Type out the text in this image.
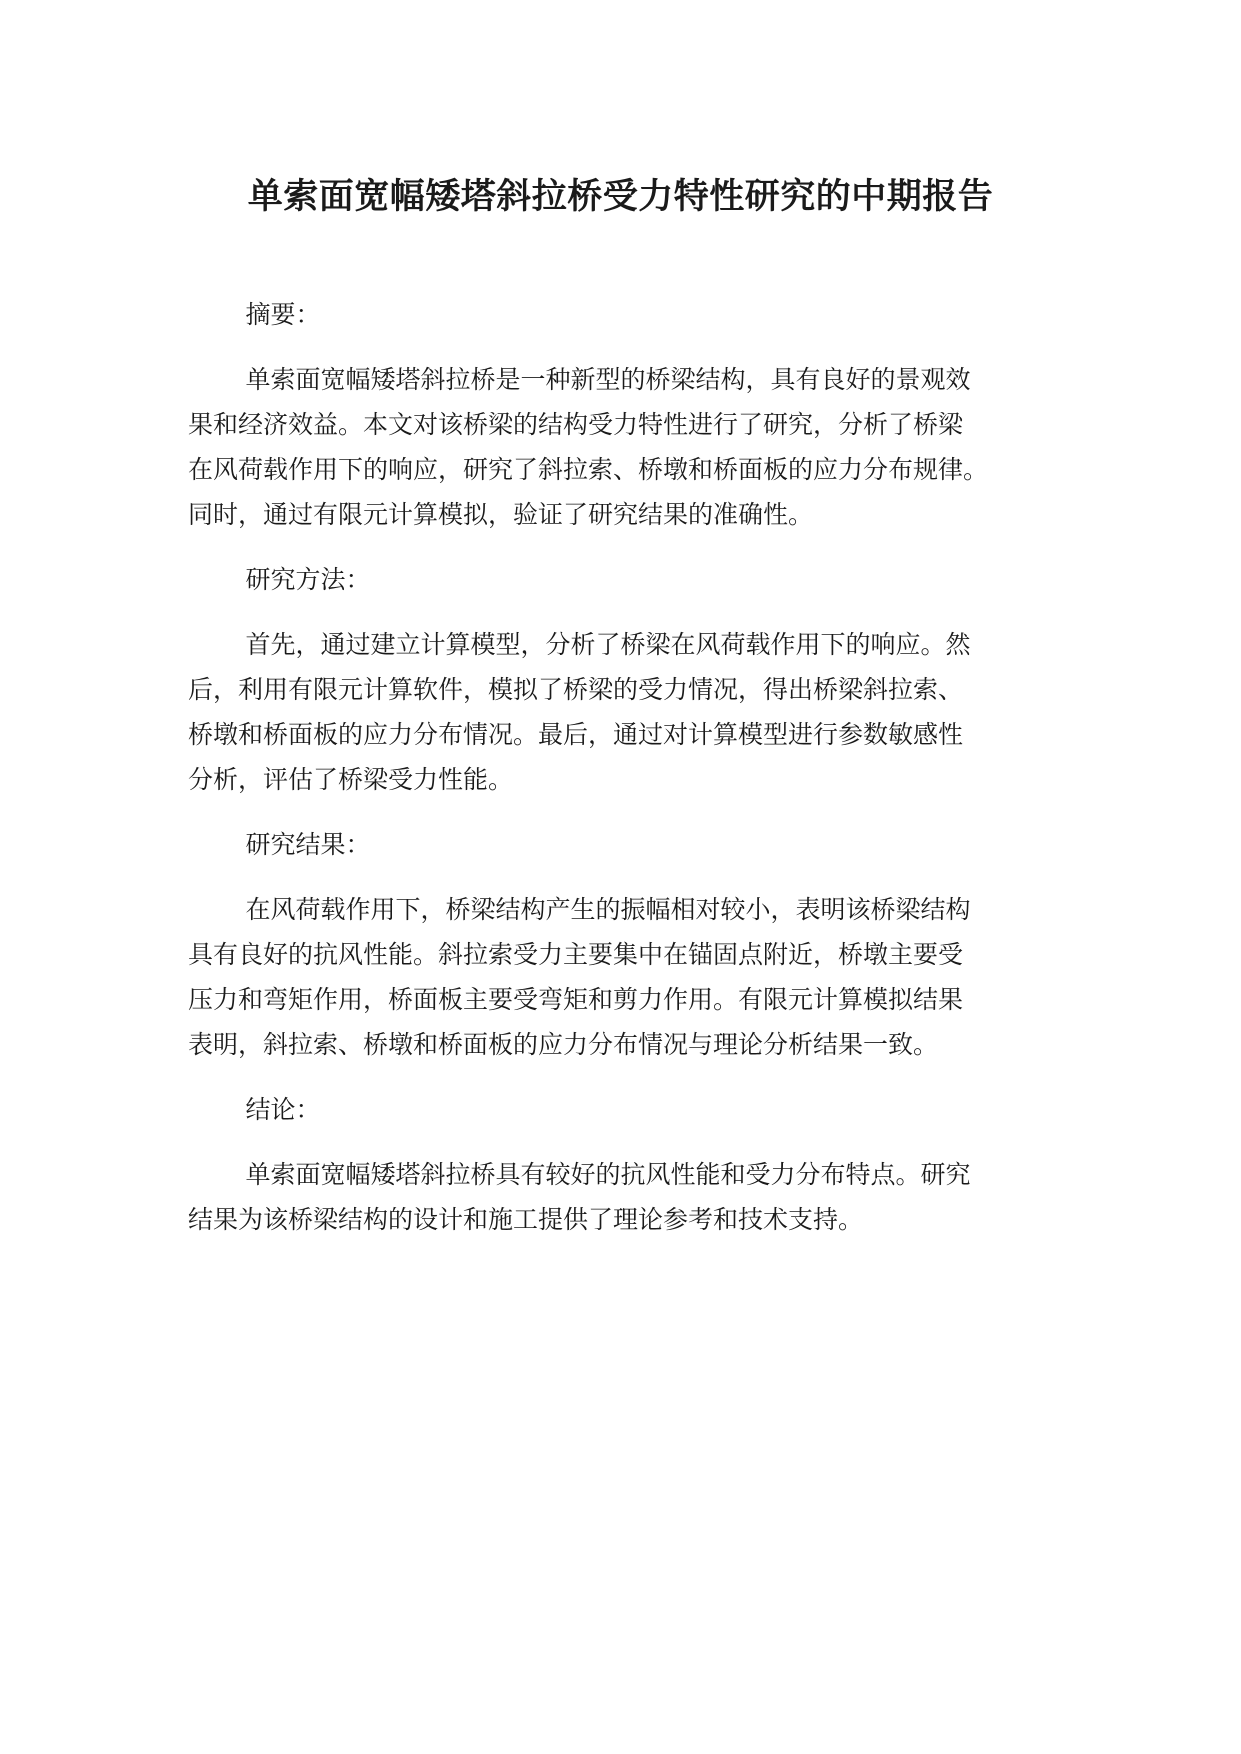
单索面宽幅矮塔斜拉桥受力特性研究的中期报告

摘要：

单索面宽幅矮塔斜拉桥是一种新型的桥梁结构，具有良好的景观效
果和经济效益。本文对该桥梁的结构受力特性进行了研究，分析了桥梁
在风荷载作用下的响应，研究了斜拉索、桥墩和桥面板的应力分布规律。
同时，通过有限元计算模拟，验证了研究结果的准确性。

研究方法：

首先，通过建立计算模型，分析了桥梁在风荷载作用下的响应。然
后，利用有限元计算软件，模拟了桥梁的受力情况，得出桥梁斜拉索、
桥墩和桥面板的应力分布情况。最后，通过对计算模型进行参数敏感性
分析，评估了桥梁受力性能。

研究结果：

在风荷载作用下，桥梁结构产生的振幅相对较小，表明该桥梁结构
具有良好的抗风性能。斜拉索受力主要集中在锚固点附近，桥墩主要受
压力和弯矩作用，桥面板主要受弯矩和剪力作用。有限元计算模拟结果
表明，斜拉索、桥墩和桥面板的应力分布情况与理论分析结果一致。

结论：

单索面宽幅矮塔斜拉桥具有较好的抗风性能和受力分布特点。研究
结果为该桥梁结构的设计和施工提供了理论参考和技术支持。
